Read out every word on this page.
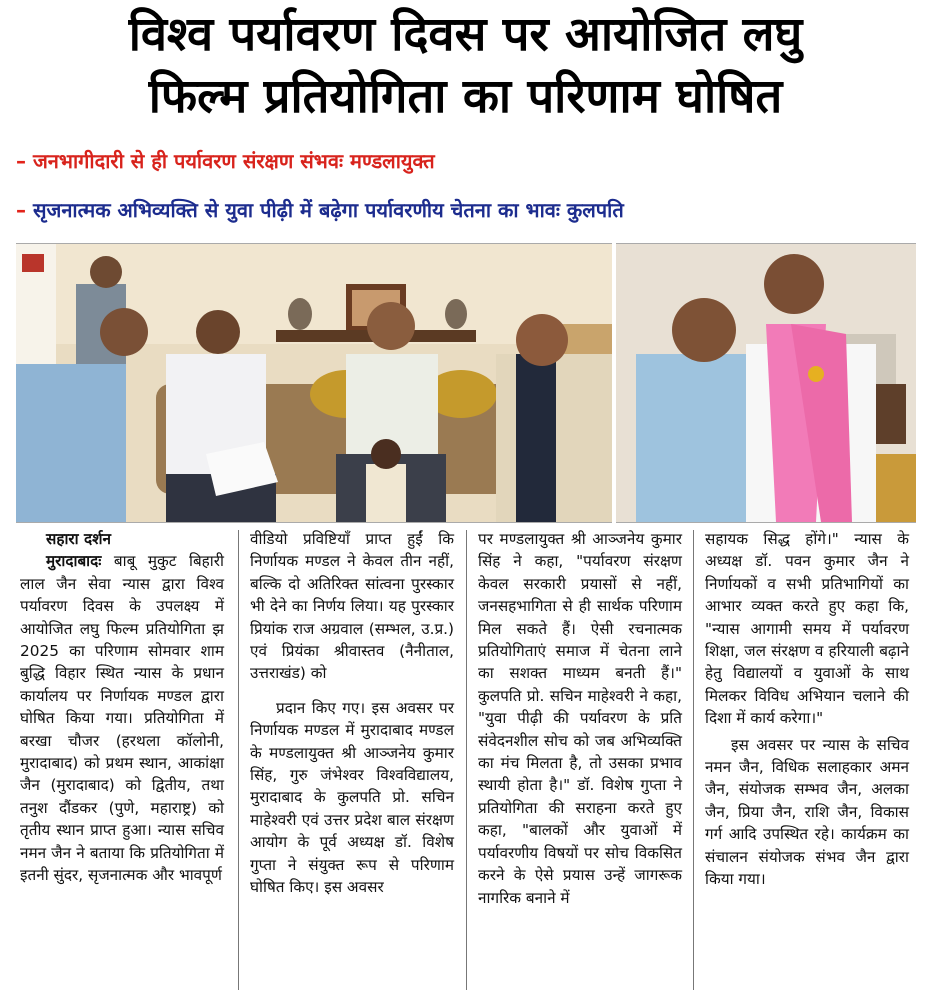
विश्व पर्यावरण दिवस पर आयोजित लघु
फिल्म प्रतियोगिता का परिणाम घोषित
– जनभागीदारी से ही पर्यावरण संरक्षण संभवः मण्डलायुक्त
– सृजनात्मक अभिव्यक्ति से युवा पीढ़ी में बढ़ेगा पर्यावरणीय चेतना का भावः कुलपति
सहारा दर्शन

मुरादाबादः बाबू मुकुट बिहारी लाल जैन सेवा न्यास द्वारा विश्व पर्यावरण दिवस के उपलक्ष्य में आयोजित लघु फिल्म प्रतियोगिता झ 2025 का परिणाम सोमवार शाम बुद्धि विहार स्थित न्यास के प्रधान कार्यालय पर निर्णायक मण्डल द्वारा घोषित किया गया। प्रतियोगिता में बरखा चौजर (हरथला कॉलोनी, मुरादाबाद) को प्रथम स्थान, आकांक्षा जैन (मुरादाबाद) को द्वितीय, तथा तनुश दौंडकर (पुणे, महाराष्ट्र) को तृतीय स्थान प्राप्त हुआ। न्यास सचिव नमन जैन ने बताया कि प्रतियोगिता में इतनी सुंदर, सृजनात्मक और भावपूर्ण

वीडियो प्रविष्टियाँ प्राप्त हुईं कि निर्णायक मण्डल ने केवल तीन नहीं, बल्कि दो अतिरिक्त सांत्वना पुरस्कार भी देने का निर्णय लिया। यह पुरस्कार प्रियांक राज अग्रवाल (सम्भल, उ.प्र.) एवं प्रियंका श्रीवास्तव (नैनीताल, उत्तराखंड) को

प्रदान किए गए। इस अवसर पर निर्णायक मण्डल में मुरादाबाद मण्डल के मण्डलायुक्त श्री आञ्जनेय कुमार सिंह, गुरु जंभेश्वर विश्वविद्यालय, मुरादाबाद के कुलपति प्रो. सचिन माहेश्वरी एवं उत्तर प्रदेश बाल संरक्षण आयोग के पूर्व अध्यक्ष डॉ. विशेष गुप्ता ने संयुक्त रूप से परिणाम घोषित किए। इस अवसर

पर मण्डलायुक्त श्री आञ्जनेय कुमार सिंह ने कहा, "पर्यावरण संरक्षण केवल सरकारी प्रयासों से नहीं, जनसहभागिता से ही सार्थक परिणाम मिल सकते हैं। ऐसी रचनात्मक प्रतियोगिताएं समाज में चेतना लाने का सशक्त माध्यम बनती हैं।" कुलपति प्रो. सचिन माहेश्वरी ने कहा, "युवा पीढ़ी की पर्यावरण के प्रति संवेदनशील सोच को जब अभिव्यक्ति का मंच मिलता है, तो उसका प्रभाव स्थायी होता है।" डॉ. विशेष गुप्ता ने प्रतियोगिता की सराहना करते हुए कहा, "बालकों और युवाओं में पर्यावरणीय विषयों पर सोच विकसित करने के ऐसे प्रयास उन्हें जागरूक नागरिक बनाने में

सहायक सिद्ध होंगे।" न्यास के अध्यक्ष डॉ. पवन कुमार जैन ने निर्णायकों व सभी प्रतिभागियों का आभार व्यक्त करते हुए कहा कि, "न्यास आगामी समय में पर्यावरण शिक्षा, जल संरक्षण व हरियाली बढ़ाने हेतु विद्यालयों व युवाओं के साथ मिलकर विविध अभियान चलाने की दिशा में कार्य करेगा।"

इस अवसर पर न्यास के सचिव नमन जैन, विधिक सलाहकार अमन जैन, संयोजक सम्भव जैन, अलका जैन, प्रिया जैन, राशि जैन, विकास गर्ग आदि उपस्थित रहे। कार्यक्रम का संचालन संयोजक संभव जैन द्वारा किया गया।
